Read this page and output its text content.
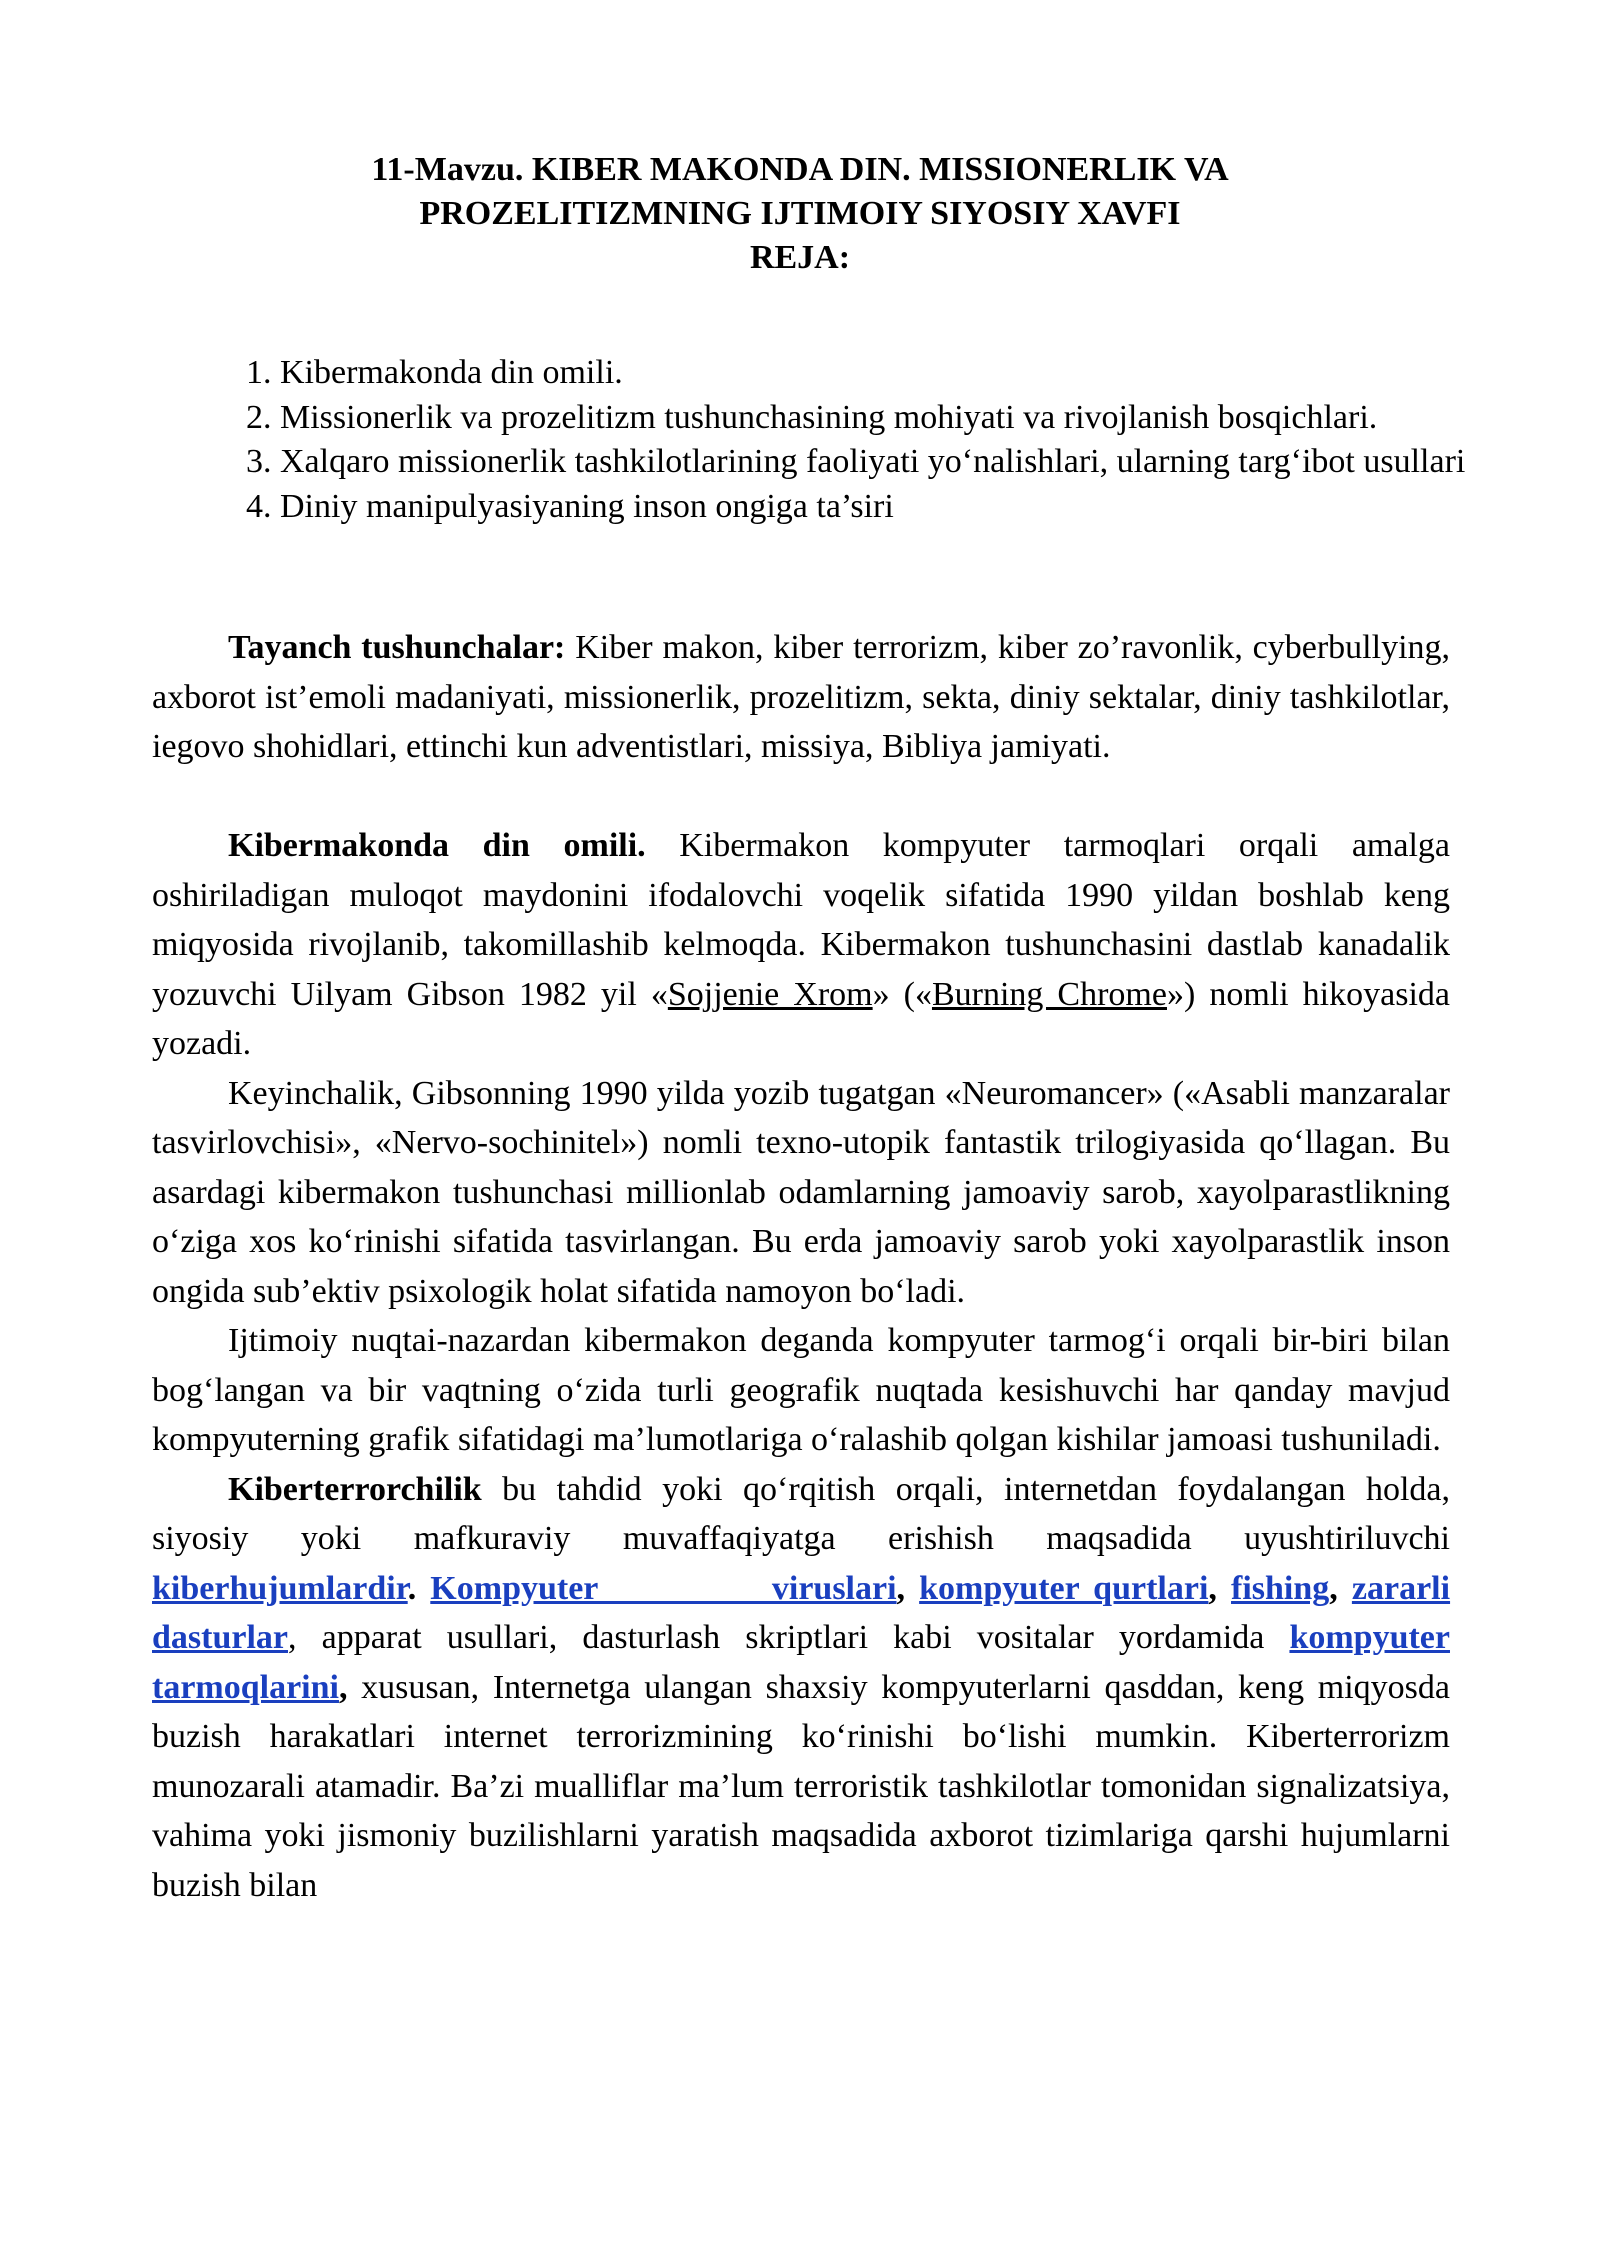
11-Mavzu. KIBER MAKONDA DIN. MISSIONERLIK VA
PROZELITIZMNING IJTIMOIY SIYOSIY XAVFI
REJA:
1. Kibermakonda din omili.
2. Missionerlik va prozelitizm tushunchasining mohiyati va rivojlanish bosqichlari.
3. Xalqaro missionerlik tashkilotlarining faoliyati yo‘nalishlari, ularning targ‘ibot usullari
4. Diniy manipulyasiyaning inson ongiga ta’siri

Tayanch tushunchalar: Kiber makon, kiber terrorizm, kiber zo’ravonlik, cyberbullying, axborot ist’emoli madaniyati, missionerlik, prozelitizm, sekta, diniy sektalar, diniy tashkilotlar, iegovo shohidlari, ettinchi kun adventistlari, missiya, Bibliya jamiyati.

Kibermakonda din omili. Kibermakon kompyuter tarmoqlari orqali amalga oshiriladigan muloqot maydonini ifodalovchi voqelik sifatida 1990 yildan boshlab keng miqyosida rivojlanib, takomillashib kelmoqda. Kibermakon tushunchasini dastlab kanadalik yozuvchi Uilyam Gibson 1982 yil «Sojjenie Xrom» («Burning Chrome») nomli hikoyasida yozadi.

Keyinchalik, Gibsonning 1990 yilda yozib tugatgan «Neuromancer» («Asabli manzaralar tasvirlovchisi», «Nervo-sochinitel») nomli texno-utopik fantastik trilogiyasida qo‘llagan. Bu asardagi kibermakon tushunchasi millionlab odamlarning jamoaviy sarob, xayolparastlikning o‘ziga xos ko‘rinishi sifatida tasvirlangan. Bu erda jamoaviy sarob yoki xayolparastlik inson ongida sub’ektiv psixologik holat sifatida namoyon bo‘ladi.

Ijtimoiy nuqtai-nazardan kibermakon deganda kompyuter tarmog‘i orqali bir-biri bilan bog‘langan va bir vaqtning o‘zida turli geografik nuqtada kesishuvchi har qanday mavjud kompyuterning grafik sifatidagi ma’lumotlariga o‘ralashib qolgan kishilar jamoasi tushuniladi.

Kiberterrorchilik bu tahdid yoki qo‘rqitish orqali, internetdan foydalangan holda, siyosiy yoki mafkuraviy muvaffaqiyatga erishish maqsadida uyushtiriluvchi kiberhujumlardir. Kompyuter viruslari, kompyuter qurtlari, fishing, zararli dasturlar, apparat usullari, dasturlash skriptlari kabi vositalar yordamida kompyuter tarmoqlarini, xususan, Internetga ulangan shaxsiy kompyuterlarni qasddan, keng miqyosda buzish harakatlari internet terrorizmining ko‘rinishi bo‘lishi mumkin. Kiberterrorizm munozarali atamadir. Ba’zi mualliflar ma’lum terroristik tashkilotlar tomonidan signalizatsiya, vahima yoki jismoniy buzilishlarni yaratish maqsadida axborot tizimlariga qarshi hujumlarni buzish bilan
